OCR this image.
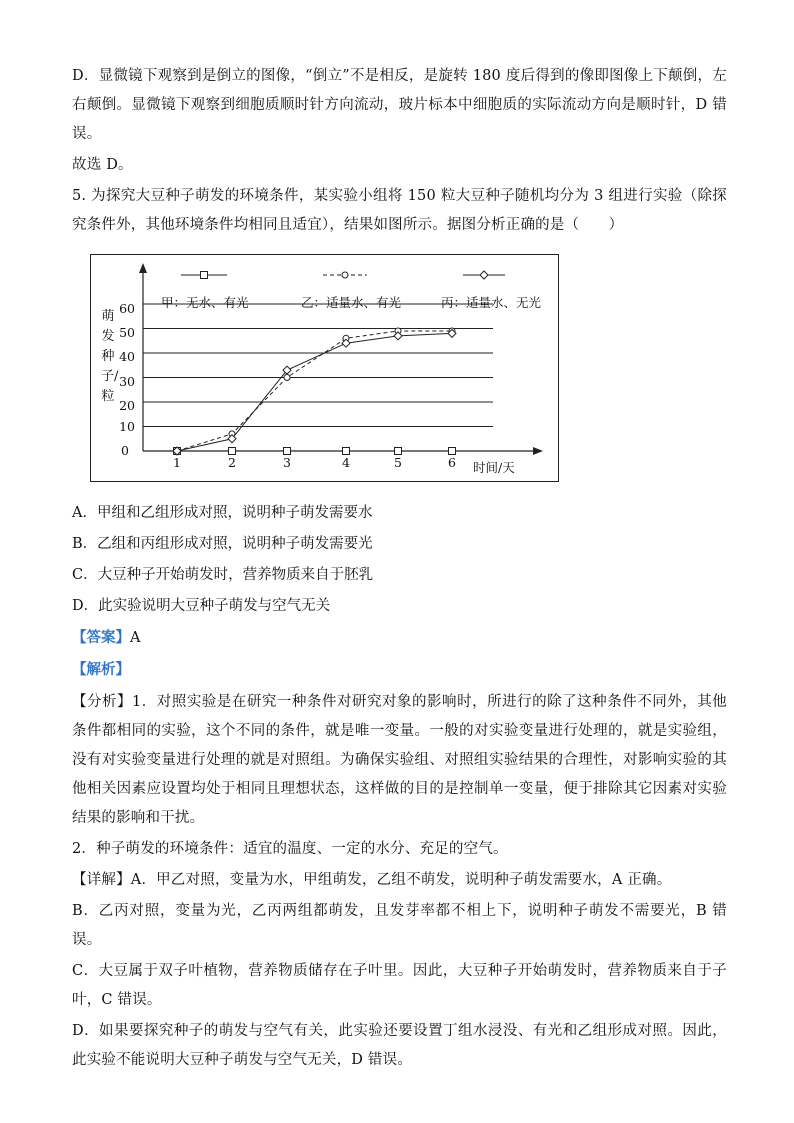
D．显微镜下观察到是倒立的图像，“倒立”不是相反，是旋转 180 度后得到的像即图像上下颠倒，左右颠倒。显微镜下观察到细胞质顺时针方向流动，玻片标本中细胞质的实际流动方向是顺时针，D 错误。

故选 D。

5. 为探究大豆种子萌发的环境条件，某实验小组将 150 粒大豆种子随机均分为 3 组进行实验（除探究条件外，其他环境条件均相同且适宜），结果如图所示。据图分析正确的是（　　）

萌发种子/粒
甲：无水、有光	乙：适量水、有光	丙：适量水、无光
60
50
40
30
20
10
0
1	2	3	4	5	6	时间/天

A．甲组和乙组形成对照，说明种子萌发需要水

B．乙组和丙组形成对照，说明种子萌发需要光

C．大豆种子开始萌发时，营养物质来自于胚乳

D．此实验说明大豆种子萌发与空气无关

【答案】A

【解析】

【分析】1．对照实验是在研究一种条件对研究对象的影响时，所进行的除了这种条件不同外，其他条件都相同的实验，这个不同的条件，就是唯一变量。一般的对实验变量进行处理的，就是实验组，没有对实验变量进行处理的就是对照组。为确保实验组、对照组实验结果的合理性，对影响实验的其他相关因素应设置均处于相同且理想状态，这样做的目的是控制单一变量，便于排除其它因素对实验结果的影响和干扰。

2．种子萌发的环境条件：适宜的温度、一定的水分、充足的空气。

【详解】A．甲乙对照，变量为水，甲组萌发，乙组不萌发，说明种子萌发需要水，A 正确。

B．乙丙对照，变量为光，乙丙两组都萌发，且发芽率都不相上下，说明种子萌发不需要光，B 错误。

C．大豆属于双子叶植物，营养物质储存在子叶里。因此，大豆种子开始萌发时，营养物质来自于子叶，C 错误。

D．如果要探究种子的萌发与空气有关，此实验还要设置丁组水浸没、有光和乙组形成对照。因此，此实验不能说明大豆种子萌发与空气无关，D 错误。
